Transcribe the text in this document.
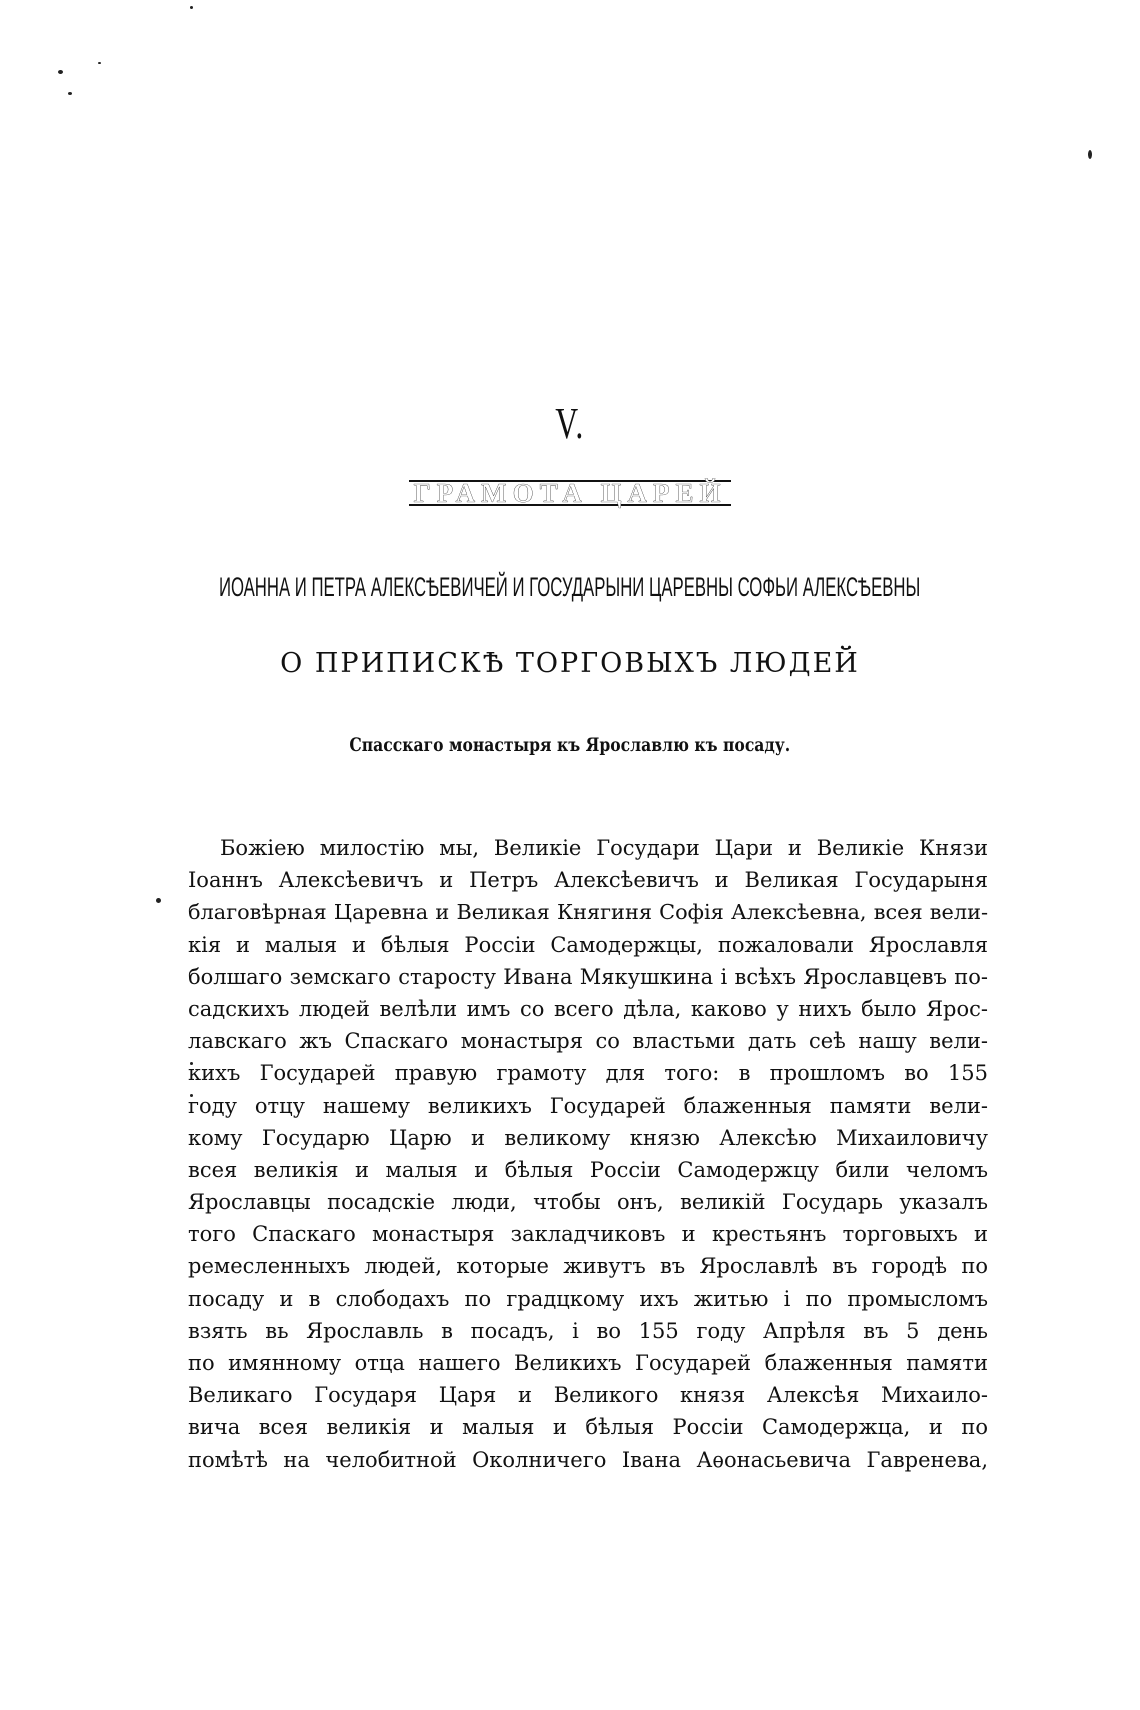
V.
ГРАМОТА ЦАРЕЙ
ИОАННА И ПЕТРА АЛЕКСѢЕВИЧЕЙ И ГОСУДАРЫНИ ЦАРЕВНЫ СОФЬИ АЛЕКСѢЕВНЫ
О ПРИПИСКѢ ТОРГОВЫХЪ ЛЮДЕЙ
Спасскаго монастыря къ Ярославлю къ посаду.
Божiею милостiю мы, Великiе Государи Цари и Великiе Князи
Iоаннъ Алексѣевичъ и Петръ Алексѣевичъ и Великая Государыня
благовѣрная Царевна и Великая Княгиня Софiя Алексѣевна, всея вели-
кiя и малыя и бѣлыя Россiи Самодержцы, пожаловали Ярославля
болшаго земскаго старосту Ивана Мякушкина i всѣхъ Ярославцевъ по-
садскихъ людей велѣли имъ со всего дѣла, каково у нихъ было Ярос-
лавскаго жъ Спаскаго монастыря со властьми дать сеѣ нашу вели-
кихъ Государей правую грамоту для того: в прошломъ во 155
году отцу нашему великихъ Государей блаженныя памяти вели-
кому Государю Царю и великому князю Алексѣю Михаиловичу
всея великiя и малыя и бѣлыя Россiи Самодержцу били челомъ
Ярославцы посадскiе люди, чтобы онъ, великiй Государь указалъ
того Спаскаго монастыря закладчиковъ и крестьянъ торговыхъ и
ремесленныхъ людей, которые живутъ въ Ярославлѣ въ городѣ по
посаду и в слободахъ по градцкому ихъ житью i по промысломъ
взять вь Ярославль в посадъ, i во 155 году Апрѣля въ 5 день
по имянному отца нашего Великихъ Государей блаженныя памяти
Великаго Государя Царя и Великого князя Алексѣя Михаило-
вича всея великiя и малыя и бѣлыя Россiи Самодержца, и по
помѣтѣ на челобитной Околничего Iвана Аѳонасьевича Гавренева,
